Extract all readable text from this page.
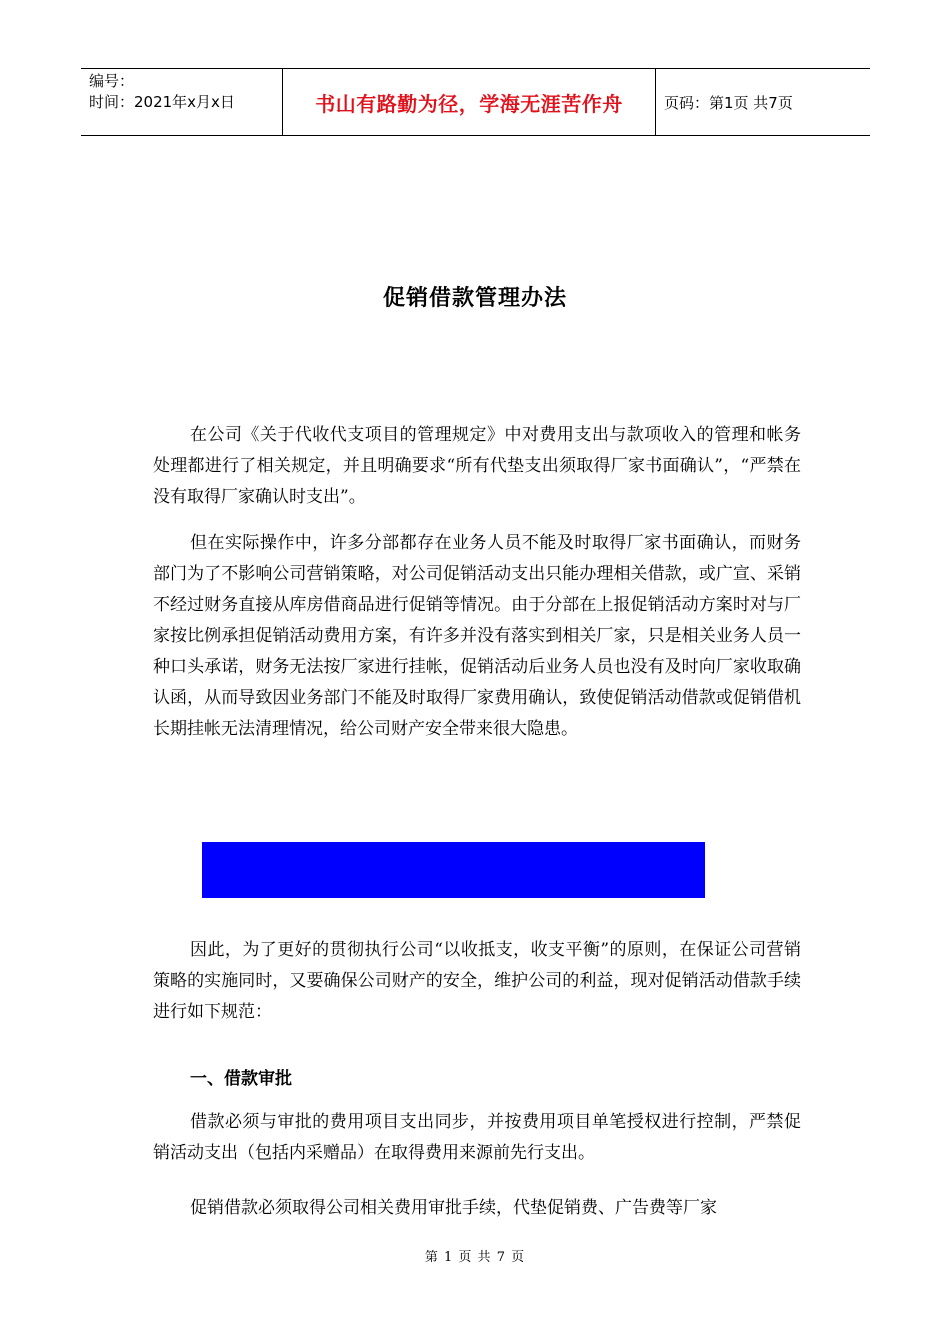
编号：
时间：2021年x月x日	书山有路勤为径，学海无涯苦作舟	页码：第1页 共7页
促销借款管理办法

在公司《关于代收代支项目的管理规定》中对费用支出与款项收入的管理和帐务处理都进行了相关规定，并且明确要求“所有代垫支出须取得厂家书面确认”，“严禁在没有取得厂家确认时支出”。

但在实际操作中，许多分部都存在业务人员不能及时取得厂家书面确认，而财务部门为了不影响公司营销策略，对公司促销活动支出只能办理相关借款，或广宣、采销不经过财务直接从库房借商品进行促销等情况。由于分部在上报促销活动方案时对与厂家按比例承担促销活动费用方案，有许多并没有落实到相关厂家，只是相关业务人员一种口头承诺，财务无法按厂家进行挂帐，促销活动后业务人员也没有及时向厂家收取确认函，从而导致因业务部门不能及时取得厂家费用确认，致使促销活动借款或促销借机长期挂帐无法清理情况，给公司财产安全带来很大隐患。

因此，为了更好的贯彻执行公司“以收抵支，收支平衡”的原则，在保证公司营销策略的实施同时，又要确保公司财产的安全，维护公司的利益，现对促销活动借款手续进行如下规范：

一、借款审批

借款必须与审批的费用项目支出同步，并按费用项目单笔授权进行控制，严禁促销活动支出（包括内采赠品）在取得费用来源前先行支出。

促销借款必须取得公司相关费用审批手续，代垫促销费、广告费等厂家

第 1 页 共 7 页
